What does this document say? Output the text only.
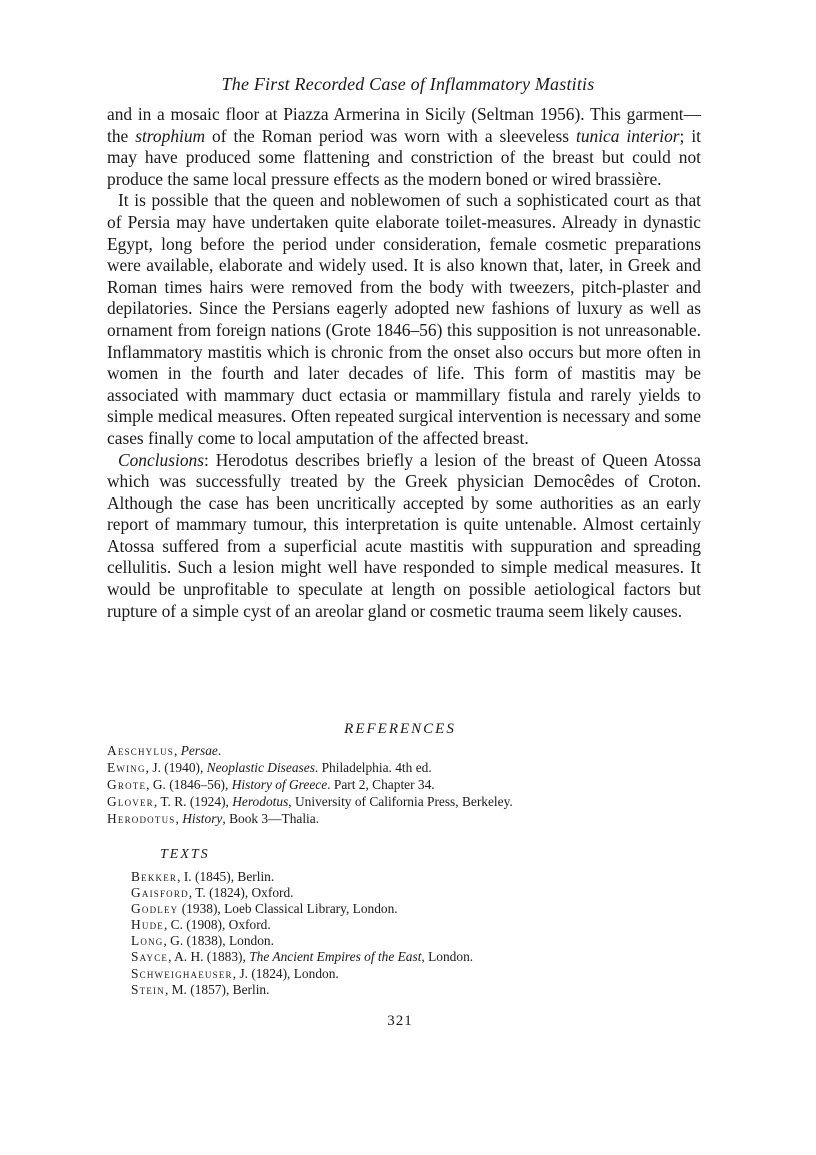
The First Recorded Case of Inflammatory Mastitis

and in a mosaic floor at Piazza Armerina in Sicily (Seltman 1956). This garment—the strophium of the Roman period was worn with a sleeveless tunica interior; it may have produced some flattening and constriction of the breast but could not produce the same local pressure effects as the modern boned or wired brassière.

It is possible that the queen and noblewomen of such a sophisticated court as that of Persia may have undertaken quite elaborate toilet-measures. Already in dynastic Egypt, long before the period under consideration, female cosmetic preparations were available, elaborate and widely used. It is also known that, later, in Greek and Roman times hairs were removed from the body with tweezers, pitch-plaster and depilatories. Since the Persians eagerly adopted new fashions of luxury as well as ornament from foreign nations (Grote 1846–56) this supposition is not unreasonable. Inflammatory mastitis which is chronic from the onset also occurs but more often in women in the fourth and later decades of life. This form of mastitis may be associated with mammary duct ectasia or mammillary fistula and rarely yields to simple medical measures. Often repeated surgical intervention is necessary and some cases finally come to local amputation of the affected breast.

Conclusions: Herodotus describes briefly a lesion of the breast of Queen Atossa which was successfully treated by the Greek physician Democêdes of Croton. Although the case has been uncritically accepted by some authorities as an early report of mammary tumour, this interpretation is quite untenable. Almost certainly Atossa suffered from a superficial acute mastitis with suppuration and spreading cellulitis. Such a lesion might well have responded to simple medical measures. It would be unprofitable to speculate at length on possible aetiological factors but rupture of a simple cyst of an areolar gland or cosmetic trauma seem likely causes.

REFERENCES
Aeschylus, Persae.
Ewing, J. (1940), Neoplastic Diseases. Philadelphia. 4th ed.
Grote, G. (1846–56), History of Greece. Part 2, Chapter 34.
Glover, T. R. (1924), Herodotus, University of California Press, Berkeley.
Herodotus, History, Book 3—Thalia.
TEXTS
Bekker, I. (1845), Berlin.
Gaisford, T. (1824), Oxford.
Godley (1938), Loeb Classical Library, London.
Hude, C. (1908), Oxford.
Long, G. (1838), London.
Sayce, A. H. (1883), The Ancient Empires of the East, London.
Schweighaeuser, J. (1824), London.
Stein, M. (1857), Berlin.
321
